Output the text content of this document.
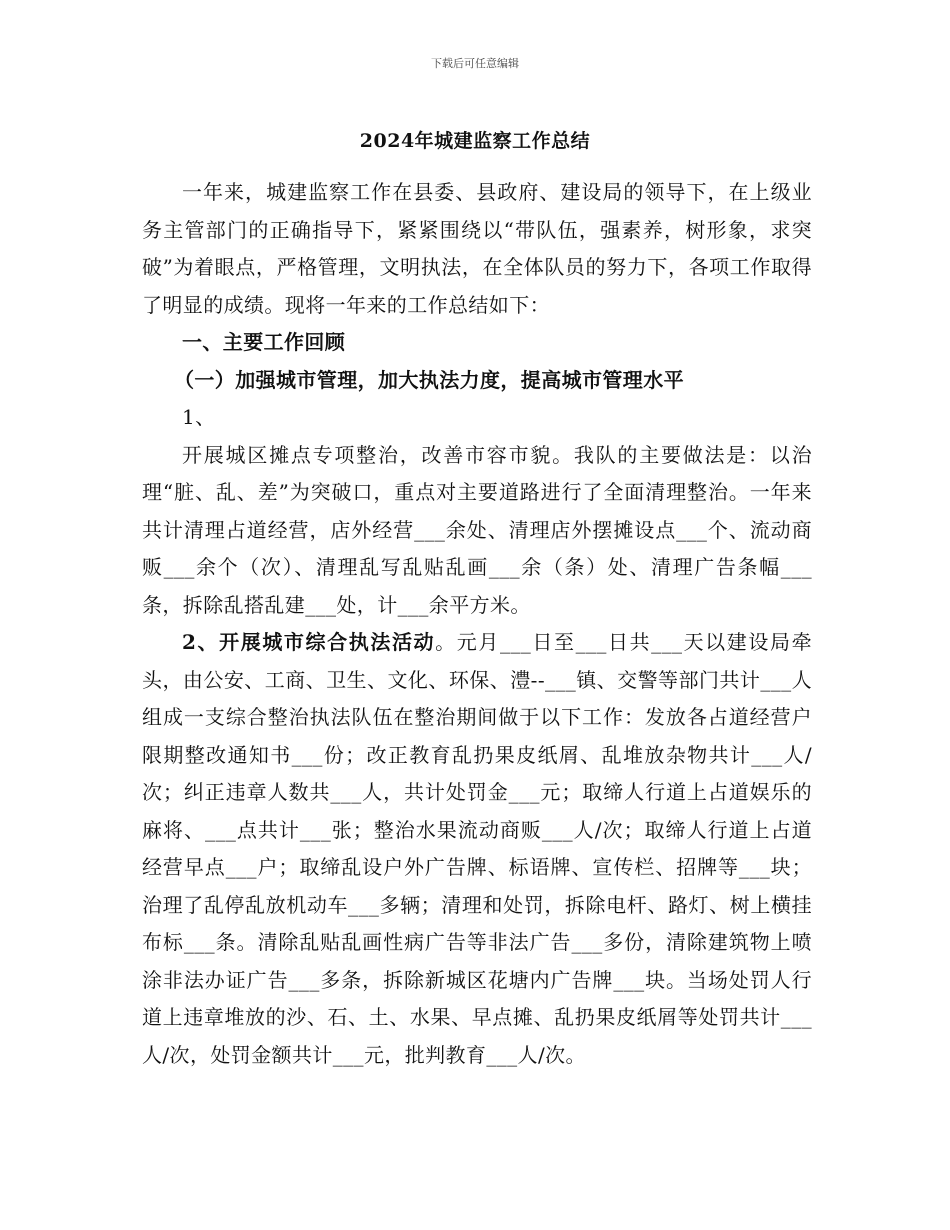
下载后可任意编辑
2024年城建监察工作总结

一年来，城建监察工作在县委、县政府、建设局的领导下，在上级业务主管部门的正确指导下，紧紧围绕以“带队伍，强素养，树形象，求突破”为着眼点，严格管理，文明执法，在全体队员的努力下，各项工作取得了明显的成绩。现将一年来的工作总结如下：

一、主要工作回顾

（一）加强城市管理，加大执法力度，提高城市管理水平

1、

开展城区摊点专项整治，改善市容市貌。我队的主要做法是：以治理“脏、乱、差”为突破口，重点对主要道路进行了全面清理整治。一年来共计清理占道经营，店外经营___余处、清理店外摆摊设点___个、流动商贩___余个（次）、清理乱写乱贴乱画___余（条）处、清理广告条幅___条，拆除乱搭乱建___处，计___余平方米。

2、开展城市综合执法活动。元月___日至___日共___天以建设局牵头，由公安、工商、卫生、文化、环保、澧--___镇、交警等部门共计___人组成一支综合整治执法队伍在整治期间做于以下工作：发放各占道经营户限期整改通知书___份；改正教育乱扔果皮纸屑、乱堆放杂物共计___人/次；纠正违章人数共___人，共计处罚金___元；取缔人行道上占道娱乐的麻将、___点共计___张；整治水果流动商贩___人/次；取缔人行道上占道经营早点___户；取缔乱设户外广告牌、标语牌、宣传栏、招牌等___块；治理了乱停乱放机动车___多辆；清理和处罚，拆除电杆、路灯、树上横挂布标___条。清除乱贴乱画性病广告等非法广告___多份，清除建筑物上喷涂非法办证广告___多条，拆除新城区花塘内广告牌___块。当场处罚人行道上违章堆放的沙、石、土、水果、早点摊、乱扔果皮纸屑等处罚共计___人/次，处罚金额共计___元，批判教育___人/次。
